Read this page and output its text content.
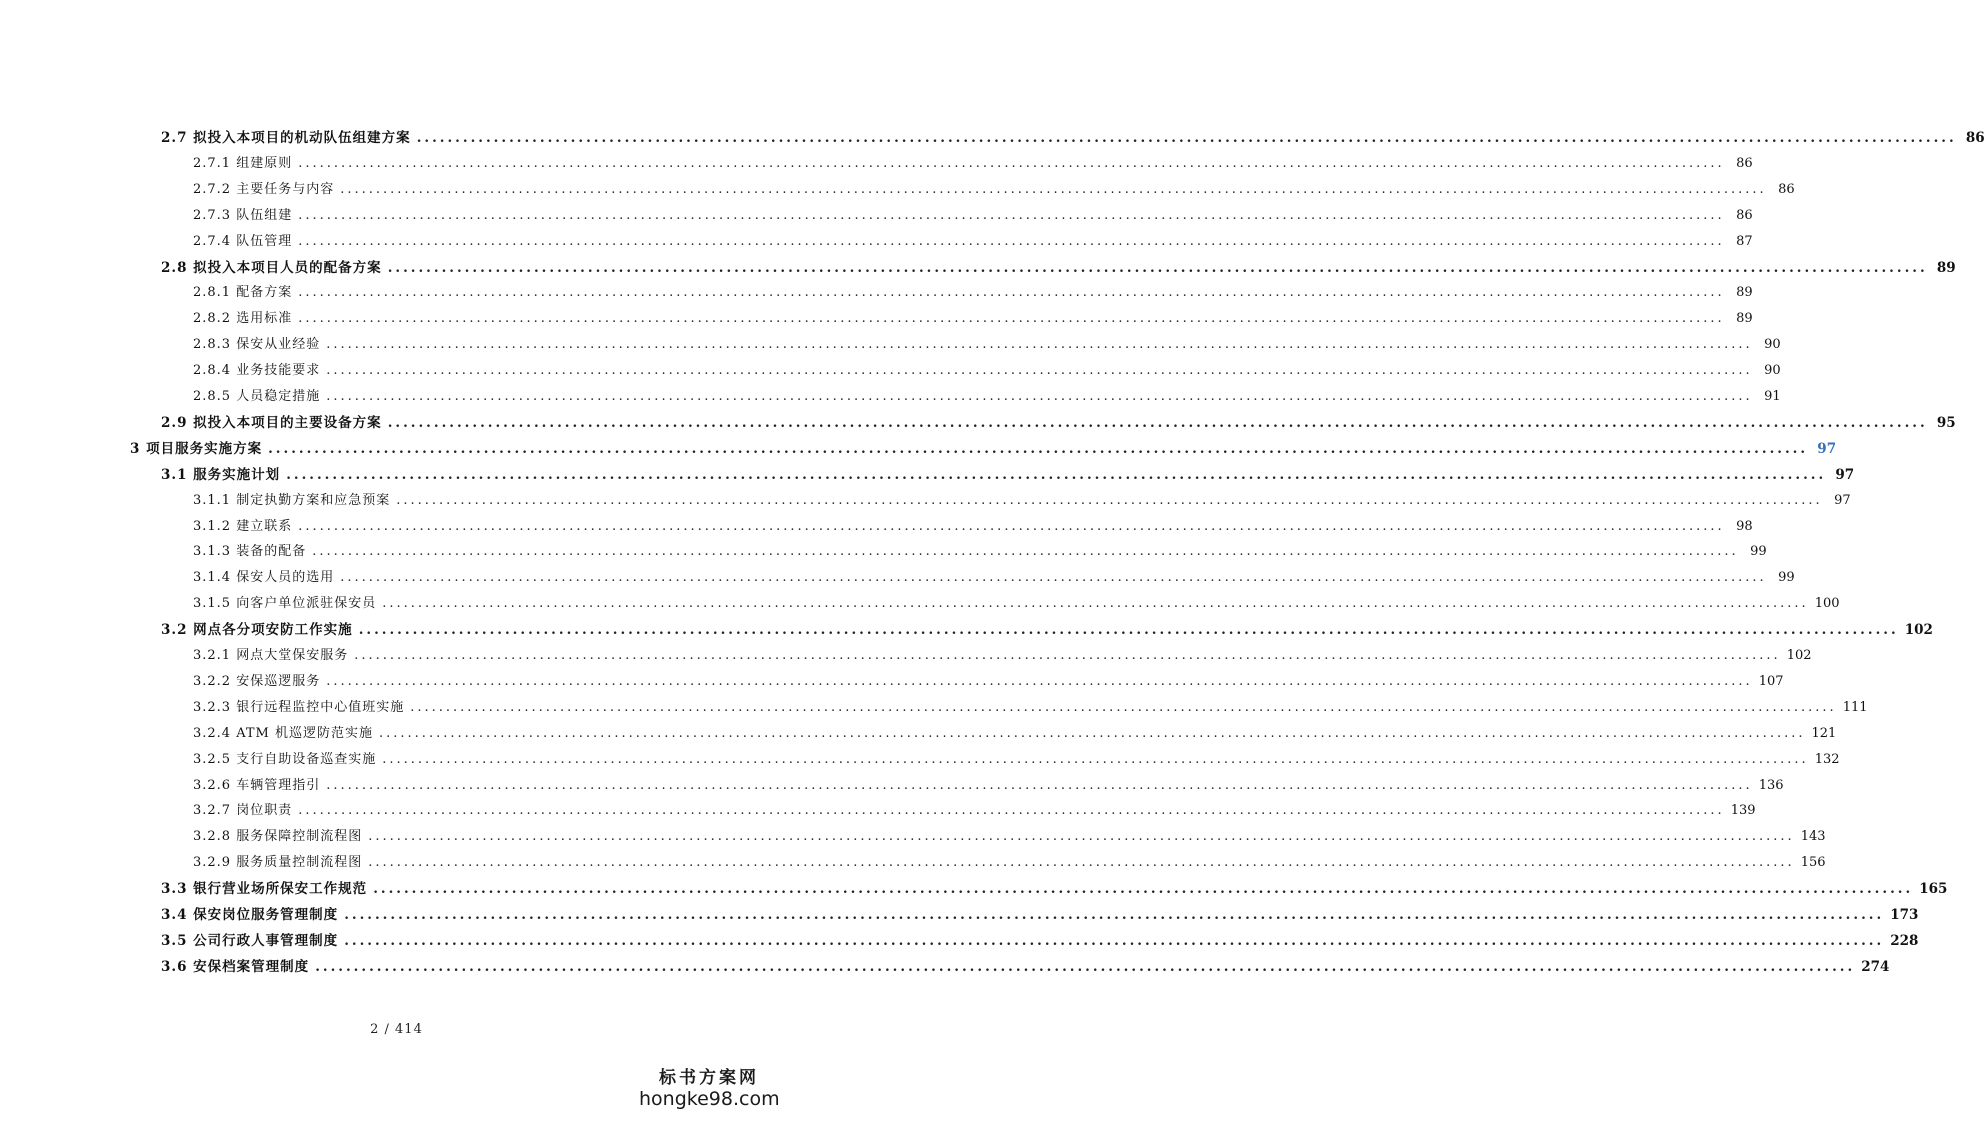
2.7 拟投入本项目的机动队伍组建方案 ........................................................................................................................................................................................................ 86
2.7.1 组建原则 ........................................................................................................................................................................................................ 86
2.7.2 主要任务与内容 ........................................................................................................................................................................................................ 86
2.7.3 队伍组建 ........................................................................................................................................................................................................ 86
2.7.4 队伍管理 ........................................................................................................................................................................................................ 87
2.8 拟投入本项目人员的配备方案 ........................................................................................................................................................................................................ 89
2.8.1 配备方案 ........................................................................................................................................................................................................ 89
2.8.2 选用标准 ........................................................................................................................................................................................................ 89
2.8.3 保安从业经验 ........................................................................................................................................................................................................ 90
2.8.4 业务技能要求 ........................................................................................................................................................................................................ 90
2.8.5 人员稳定措施 ........................................................................................................................................................................................................ 91
2.9 拟投入本项目的主要设备方案 ........................................................................................................................................................................................................ 95
3 项目服务实施方案 ........................................................................................................................................................................................................ 97
3.1 服务实施计划 ........................................................................................................................................................................................................ 97
3.1.1 制定执勤方案和应急预案 ........................................................................................................................................................................................................ 97
3.1.2 建立联系 ........................................................................................................................................................................................................ 98
3.1.3 装备的配备 ........................................................................................................................................................................................................ 99
3.1.4 保安人员的选用 ........................................................................................................................................................................................................ 99
3.1.5 向客户单位派驻保安员 ........................................................................................................................................................................................................ 100
3.2 网点各分项安防工作实施 ........................................................................................................................................................................................................ 102
3.2.1 网点大堂保安服务 ........................................................................................................................................................................................................ 102
3.2.2 安保巡逻服务 ........................................................................................................................................................................................................ 107
3.2.3 银行远程监控中心值班实施 ........................................................................................................................................................................................................ 111
3.2.4 ATM 机巡逻防范实施 ........................................................................................................................................................................................................ 121
3.2.5 支行自助设备巡查实施 ........................................................................................................................................................................................................ 132
3.2.6 车辆管理指引 ........................................................................................................................................................................................................ 136
3.2.7 岗位职责 ........................................................................................................................................................................................................ 139
3.2.8 服务保障控制流程图 ........................................................................................................................................................................................................ 143
3.2.9 服务质量控制流程图 ........................................................................................................................................................................................................ 156
3.3 银行营业场所保安工作规范 ........................................................................................................................................................................................................ 165
3.4 保安岗位服务管理制度 ........................................................................................................................................................................................................ 173
3.5 公司行政人事管理制度 ........................................................................................................................................................................................................ 228
3.6 安保档案管理制度 ........................................................................................................................................................................................................ 274
2 / 414
标书方案网
hongke98.com
